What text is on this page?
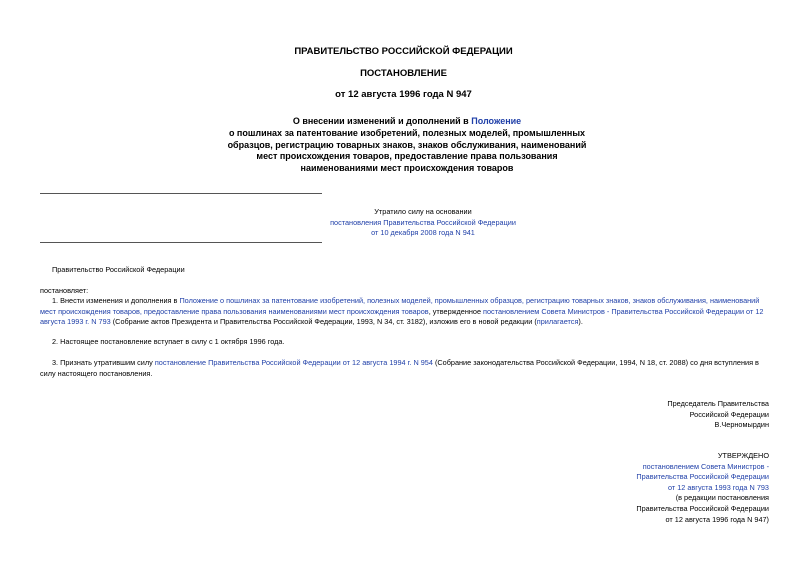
ПРАВИТЕЛЬСТВО РОССИЙСКОЙ ФЕДЕРАЦИИ
ПОСТАНОВЛЕНИЕ
от 12 августа 1996 года N 947
О внесении изменений и дополнений в Положение
о пошлинах за патентование изобретений, полезных моделей, промышленных образцов, регистрацию товарных знаков, знаков обслуживания, наименований мест происхождения товаров, предоставление права пользования наименованиями мест происхождения товаров
Утратило силу на основании
постановления Правительства Российской Федерации
от 10 декабря 2008 года N 941
Правительство Российской Федерации
постановляет:
1. Внести изменения и дополнения в Положение о пошлинах за патентование изобретений, полезных моделей, промышленных образцов, регистрацию товарных знаков, знаков обслуживания, наименований мест происхождения товаров, предоставление права пользования наименованиями мест происхождения товаров, утвержденное постановлением Совета Министров - Правительства Российской Федерации от 12 августа 1993 г. N 793 (Собрание актов Президента и Правительства Российской Федерации, 1993, N 34, ст. 3182), изложив его в новой редакции (прилагается).
2. Настоящее постановление вступает в силу с 1 октября 1996 года.
3. Признать утратившим силу постановление Правительства Российской Федерации от 12 августа 1994 г. N 954 (Собрание законодательства Российской Федерации, 1994, N 18, ст. 2088) со дня вступления в силу настоящего постановления.
Председатель Правительства
Российской Федерации
В.Черномырдин
УТВЕРЖДЕНО
постановлением Совета Министров -
Правительства Российской Федерации
от 12 августа 1993 года N 793
(в редакции постановления
Правительства Российской Федерации
от 12 августа 1996 года N 947)
